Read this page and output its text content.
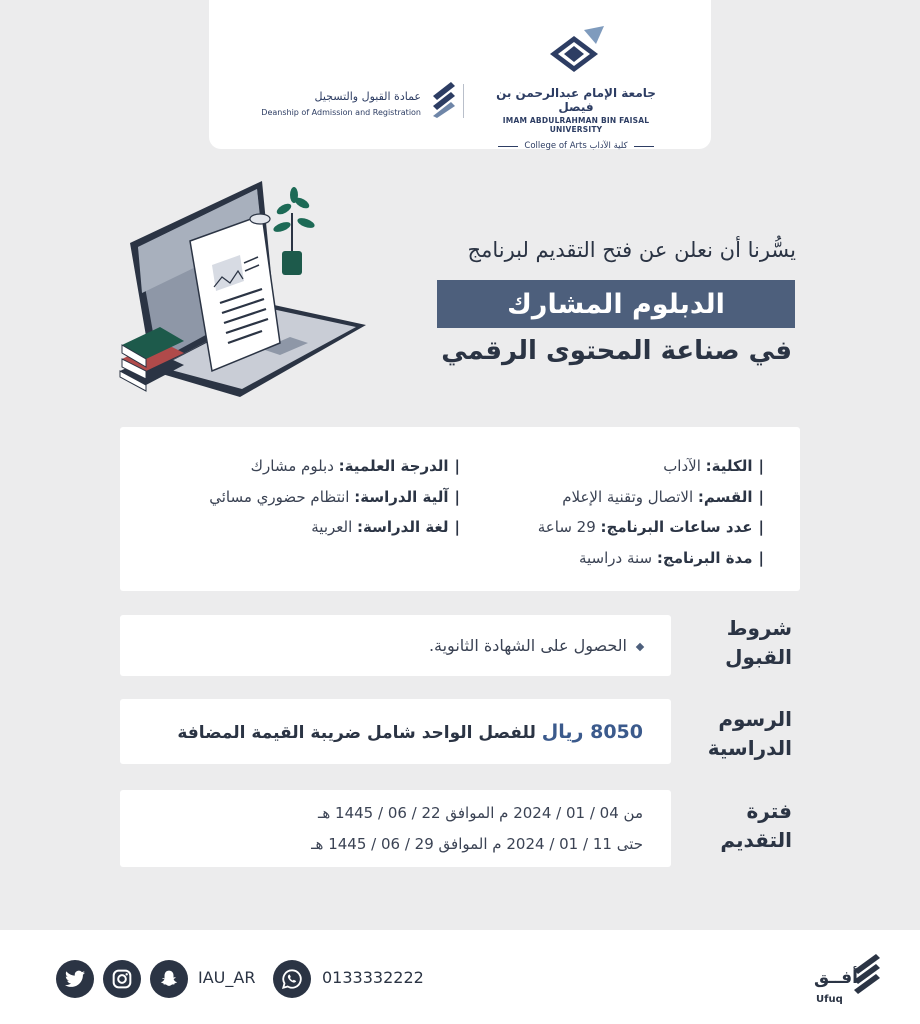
جامعة الإمام عبدالرحمن بن فيصل
IMAM ABDULRAHMAN BIN FAISAL UNIVERSITY
College of Arts كلية الآداب
عمادة القبول والتسجيل
Deanship of Admission and Registration
يسُّرنا أن نعلن عن فتح التقديم لبرنامج
الدبلوم المشارك
في صناعة المحتوى الرقمي
|الكلية: الآداب
|القسم: الاتصال وتقنية الإعلام
|عدد ساعات البرنامج: 29 ساعة
|مدة البرنامج: سنة دراسية
|الدرجة العلمية: دبلوم مشارك
|آلية الدراسة: انتظام حضوري مسائي
|لغة الدراسة: العربية
شروط القبول
الحصول على الشهادة الثانوية.
الرسوم الدراسية
8050 ريال للفصل الواحد شامل ضريبة القيمة المضافة
فترة التقديم
من 04 / 01 / 2024 م الموافق 22 / 06 / 1445 هـ
حتى 11 / 01 / 2024 م الموافق 29 / 06 / 1445 هـ
IAU_AR	0133332222	أفــق
Ufuq
